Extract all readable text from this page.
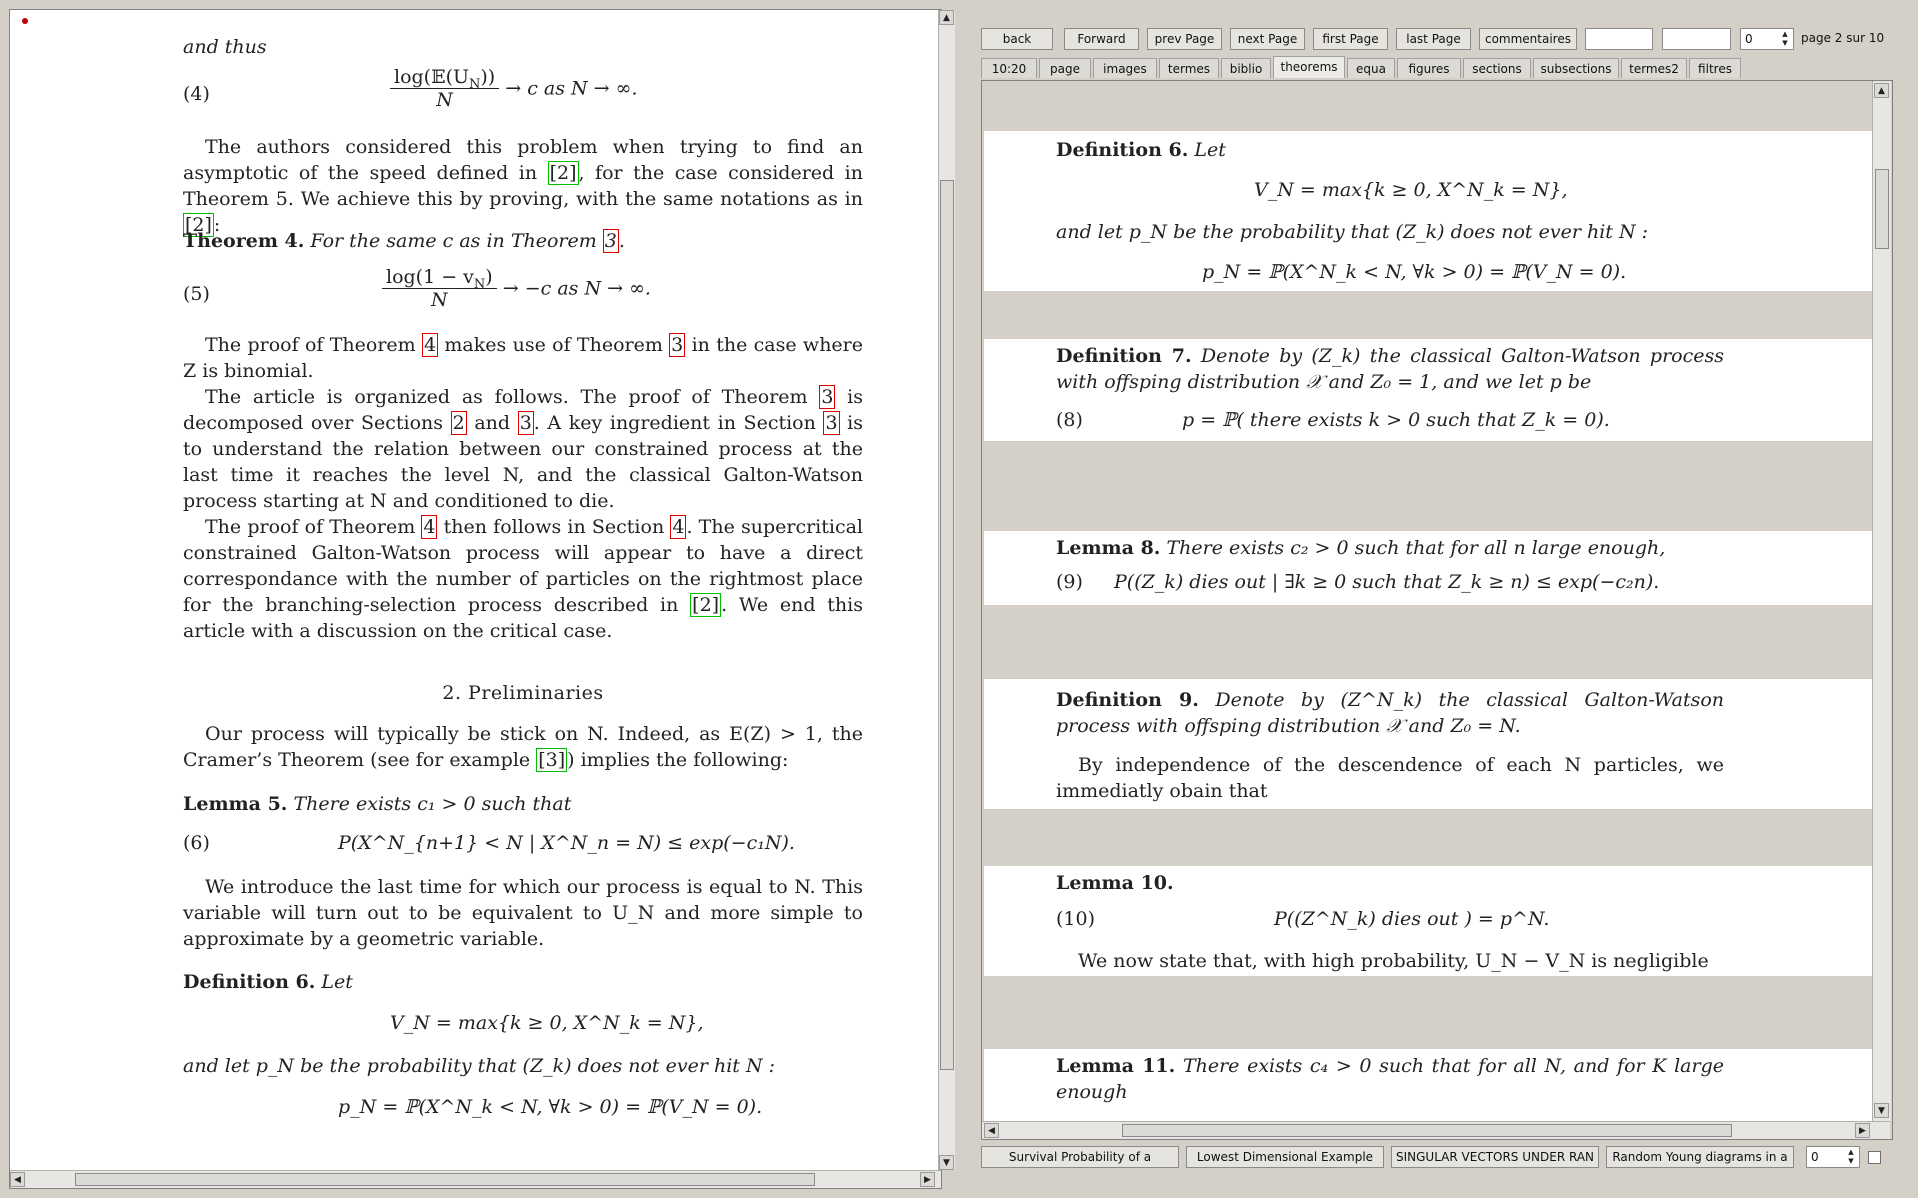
and thus
(4)	$\frac{\log(𝔼(U_N))}{N} \to c$ as N → ∞.
The authors considered this problem when trying to find an asymptotic of the speed defined in [2] , for the case considered in Theorem 5. We achieve this by proving, with the same notations as in [2] :
Theorem 4. For the same c as in Theorem 3 .
(5)	$\frac{\log(1 - v_N)}{N} \to -c$ as N → ∞.
The proof of Theorem 4 makes use of Theorem 3 in the case where Z is binomial.
The article is organized as follows. The proof of Theorem 3 is decomposed over Sections 2 and 3 . A key ingredient in Section 3 is to understand the relation between our constrained process at the last time it reaches the level N, and the classical Galton-Watson process starting at N and conditioned to die.
The proof of Theorem 4 then follows in Section 4 . The supercritical constrained Galton-Watson process will appear to have a direct correspondance with the number of particles on the rightmost place for the branching-selection process described in [2] . We end this article with a discussion on the critical case.
2. Preliminaries
Our process will typically be stick on N. Indeed, as E(Z) > 1, the Cramer’s Theorem (see for example [3] ) implies the following:
Lemma 5. There exists c₁ > 0 such that
(6)	P(X^N_{n+1} < N | X^N_n = N) ≤ exp(−c₁N).
We introduce the last time for which our process is equal to N. This variable will turn out to be equivalent to U_N and more simple to approximate by a geometric variable.
Definition 6. Let
V_N = max{k ≥ 0, X^N_k = N},
and let p_N be the probability that (Z_k) does not ever hit N :
p_N = ℙ(X^N_k < N, ∀k > 0) = ℙ(V_N = 0).
▲
▼
◀	▶
back	Forward	prev Page	next Page	first Page	last Page	commentaires	0	▲
▼ page 2 sur 10
10:20	page	images	termes	biblio	theorems	equa	figures	sections	subsections	termes2	filtres
Definition 6. Let
V_N = max{k ≥ 0, X^N_k = N},
and let p_N be the probability that (Z_k) does not ever hit N :
p_N = ℙ(X^N_k < N, ∀k > 0) = ℙ(V_N = 0).
Definition 7. Denote by (Z_k) the classical Galton-Watson process with offsping distribution 𝒳 and Z₀ = 1, and we let p be
(8)	p = ℙ( there exists k > 0 such that Z_k = 0).
Lemma 8. There exists c₂ > 0 such that for all n large enough,
(9) P((Z_k) dies out | ∃k ≥ 0 such that Z_k ≥ n) ≤ exp(−c₂n).
Definition 9. Denote by (Z^N_k) the classical Galton-Watson process with offsping distribution 𝒳 and Z₀ = N.
By independence of the descendence of each N particles, we immediatly obain that
Lemma 10.
(10)	P((Z^N_k) dies out ) = p^N.
We now state that, with high probability, U_N − V_N is negligible
Lemma 11. There exists c₄ > 0 such that for all N, and for K large enough
▲
▼
◀	▶
Survival Probability of a	Lowest Dimensional Example	SINGULAR VECTORS UNDER RAN	Random Young diagrams in a	0	▲
▼
